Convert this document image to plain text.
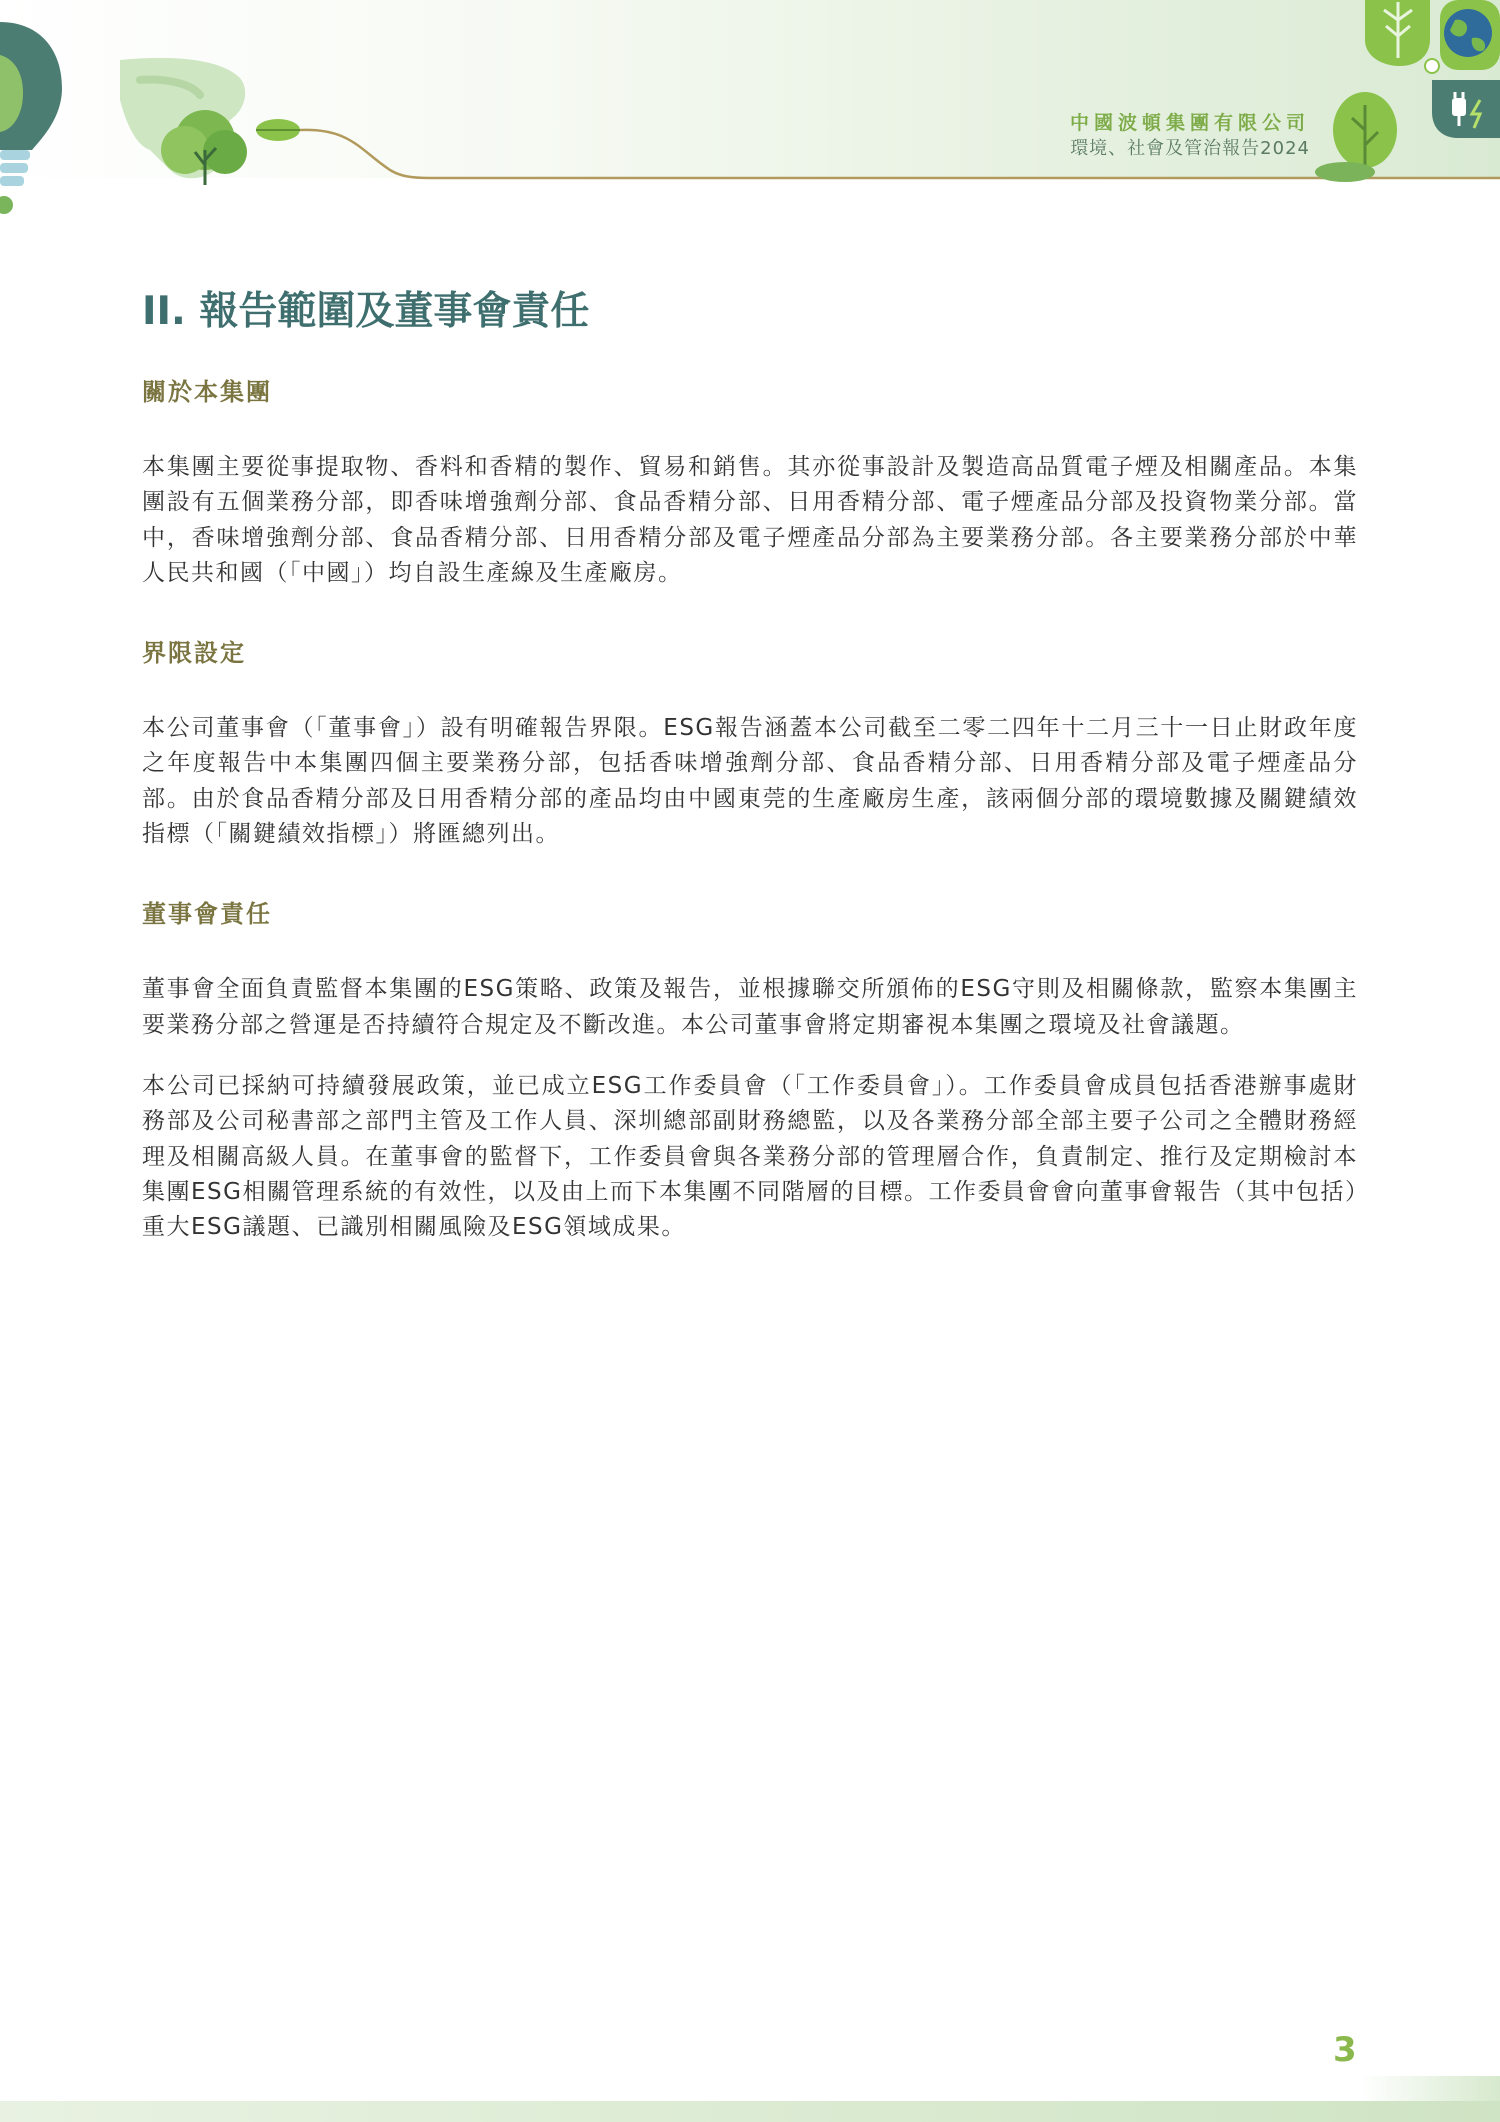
中國波頓集團有限公司
環境、社會及管治報告2024
II. 報告範圍及董事會責任
關於本集團

本集團主要從事提取物、香料和香精的製作、貿易和銷售。其亦從事設計及製造高品質電子煙及相關產品。本集團設有五個業務分部，即香味增強劑分部、食品香精分部、日用香精分部、電子煙產品分部及投資物業分部。當中，香味增強劑分部、食品香精分部、日用香精分部及電子煙產品分部為主要業務分部。各主要業務分部於中華人民共和國（「中國」）均自設生產線及生產廠房。

界限設定

本公司董事會（「董事會」）設有明確報告界限。ESG報告涵蓋本公司截至二零二四年十二月三十一日止財政年度之年度報告中本集團四個主要業務分部，包括香味增強劑分部、食品香精分部、日用香精分部及電子煙產品分部。由於食品香精分部及日用香精分部的產品均由中國東莞的生產廠房生產，該兩個分部的環境數據及關鍵績效指標（「關鍵績效指標」）將匯總列出。

董事會責任

董事會全面負責監督本集團的ESG策略、政策及報告，並根據聯交所頒佈的ESG守則及相關條款，監察本集團主要業務分部之營運是否持續符合規定及不斷改進。本公司董事會將定期審視本集團之環境及社會議題。

本公司已採納可持續發展政策，並已成立ESG工作委員會（「工作委員會」）。工作委員會成員包括香港辦事處財務部及公司秘書部之部門主管及工作人員、深圳總部副財務總監，以及各業務分部全部主要子公司之全體財務經理及相關高級人員。在董事會的監督下，工作委員會與各業務分部的管理層合作，負責制定、推行及定期檢討本集團ESG相關管理系統的有效性，以及由上而下本集團不同階層的目標。工作委員會會向董事會報告（其中包括）重大ESG議題、已識別相關風險及ESG領域成果。

3
